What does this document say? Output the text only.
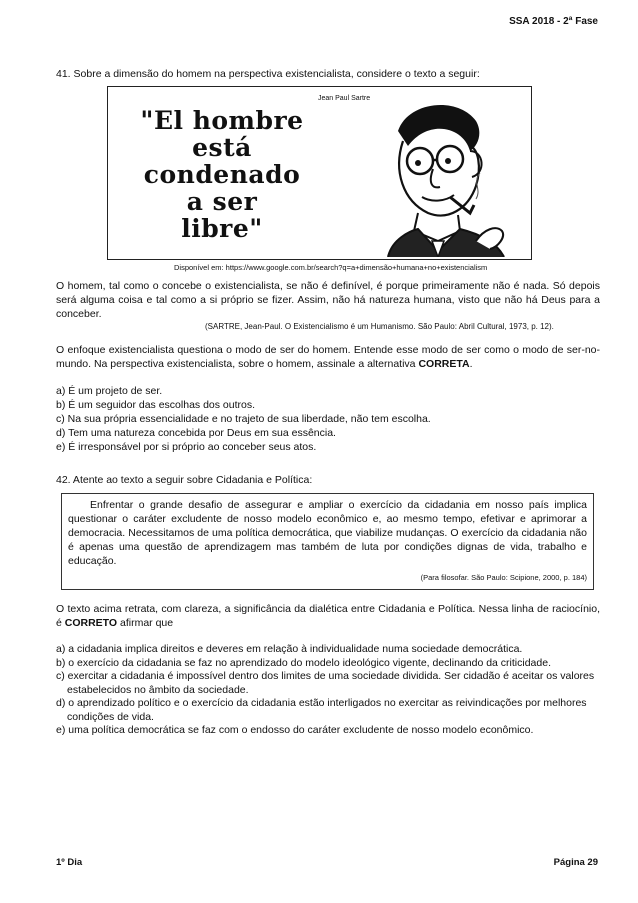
SSA 2018 - 2ª Fase
41. Sobre a dimensão do homem na perspectiva existencialista, considere o texto a seguir:
"El hombre
está
condenado
a ser
libre"
Jean Paul Sartre
Disponível em: https://www.google.com.br/search?q=a+dimensão+humana+no+existencialism
O homem, tal como o concebe o existencialista, se não é definível, é porque primeiramente não é nada. Só depois será alguma coisa e tal como a si próprio se fizer. Assim, não há natureza humana, visto que não há Deus para a conceber.
(SARTRE, Jean-Paul. O Existencialismo é um Humanismo. São Paulo: Abril Cultural, 1973, p. 12).
O enfoque existencialista questiona o modo de ser do homem. Entende esse modo de ser como o modo de ser-no-mundo. Na perspectiva existencialista, sobre o homem, assinale a alternativa CORRETA.
a) É um projeto de ser.
b) É um seguidor das escolhas dos outros.
c) Na sua própria essencialidade e no trajeto de sua liberdade, não tem escolha.
d) Tem uma natureza concebida por Deus em sua essência.
e) É irresponsável por si próprio ao conceber seus atos.
42. Atente ao texto a seguir sobre Cidadania e Política:
Enfrentar o grande desafio de assegurar e ampliar o exercício da cidadania em nosso país implica questionar o caráter excludente de nosso modelo econômico e, ao mesmo tempo, efetivar e aprimorar a democracia. Necessitamos de uma política democrática, que viabilize mudanças. O exercício da cidadania não é apenas uma questão de aprendizagem mas também de luta por condições dignas de vida, trabalho e educação.
(Para filosofar. São Paulo: Scipione, 2000, p. 184)
O texto acima retrata, com clareza, a significância da dialética entre Cidadania e Política. Nessa linha de raciocínio, é CORRETO afirmar que
a) a cidadania implica direitos e deveres em relação à individualidade numa sociedade democrática.
b) o exercício da cidadania se faz no aprendizado do modelo ideológico vigente, declinando da criticidade.
c) exercitar a cidadania é impossível dentro dos limites de uma sociedade dividida. Ser cidadão é aceitar os valores estabelecidos no âmbito da sociedade.
d) o aprendizado político e o exercício da cidadania estão interligados no exercitar as reivindicações por melhores condições de vida.
e) uma política democrática se faz com o endosso do caráter excludente de nosso modelo econômico.
1º Dia	Página 29
